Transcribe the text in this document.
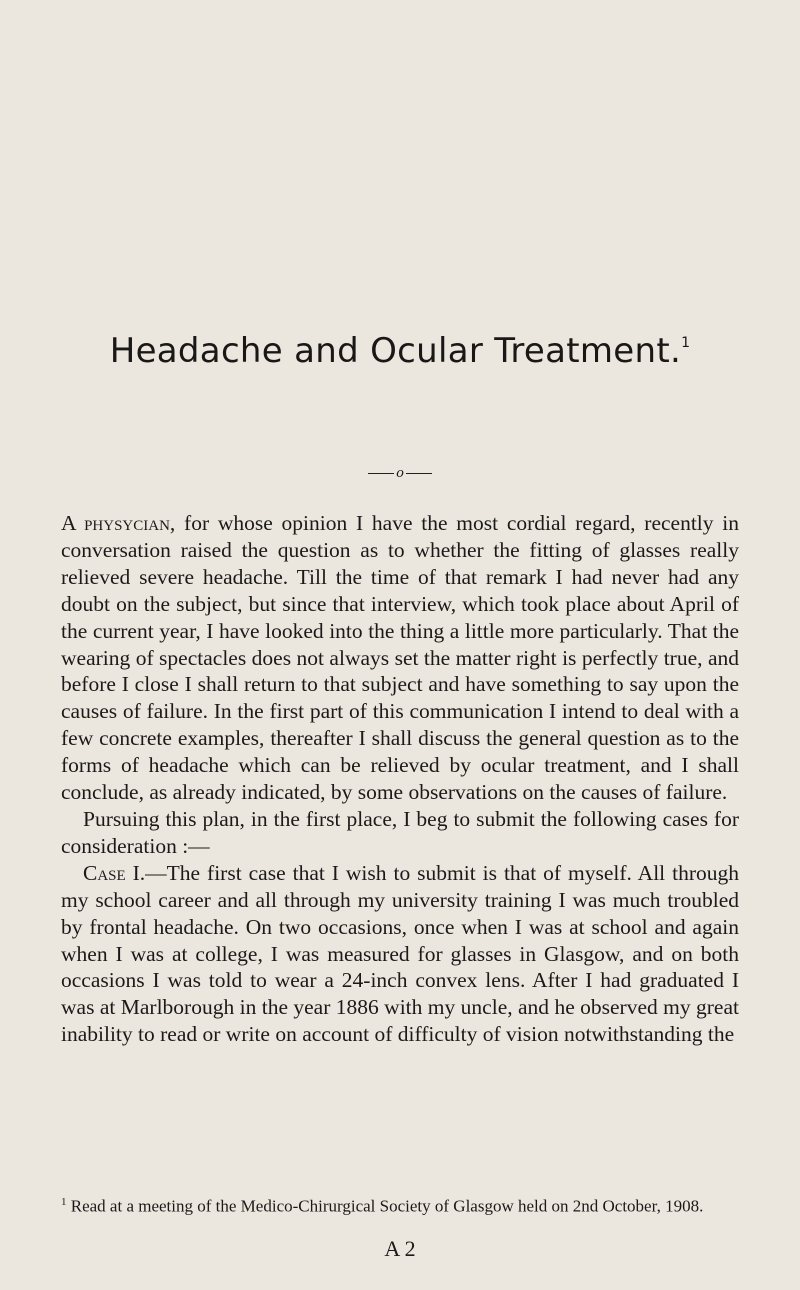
Headache and Ocular Treatment.$^1$
o

A physycian, for whose opinion I have the most cordial regard, recently in conversation raised the question as to whether the fitting of glasses really relieved severe headache. Till the time of that remark I had never had any doubt on the subject, but since that interview, which took place about April of the current year, I have looked into the thing a little more particularly. That the wearing of spectacles does not always set the matter right is perfectly true, and before I close I shall return to that subject and have something to say upon the causes of failure. In the first part of this communication I intend to deal with a few concrete examples, thereafter I shall discuss the general question as to the forms of headache which can be relieved by ocular treatment, and I shall conclude, as already indicated, by some observations on the causes of failure.

Pursuing this plan, in the first place, I beg to submit the following cases for consideration :—

Case I.—The first case that I wish to submit is that of myself. All through my school career and all through my university training I was much troubled by frontal headache. On two occasions, once when I was at school and again when I was at college, I was measured for glasses in Glasgow, and on both occasions I was told to wear a 24-inch convex lens. After I had graduated I was at Marlborough in the year 1886 with my uncle, and he observed my great inability to read or write on account of difficulty of vision notwithstanding the

$^1$ Read at a meeting of the Medico-Chirurgical Society of Glasgow held on 2nd October, 1908.

A 2
